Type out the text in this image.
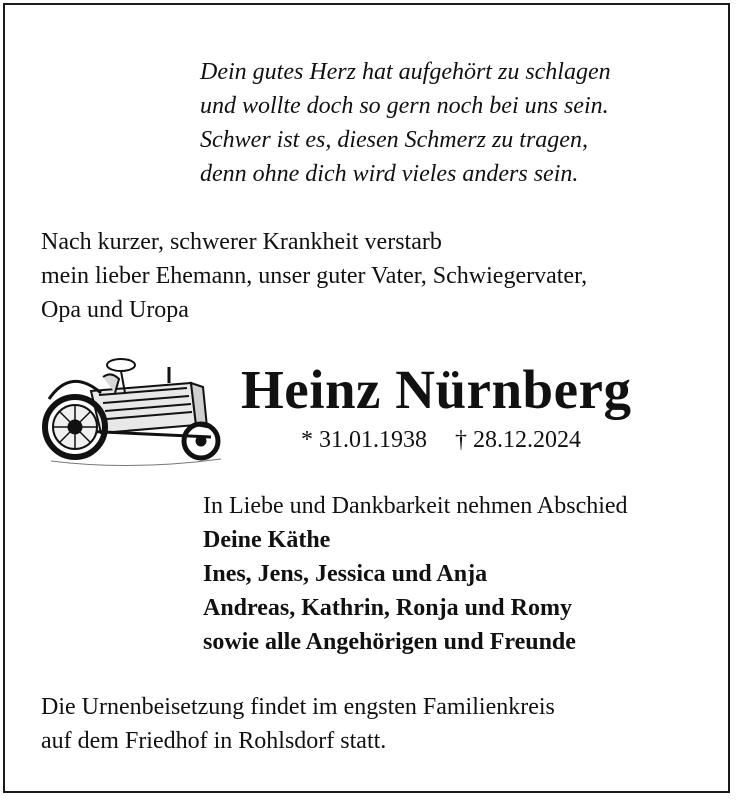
Dein gutes Herz hat aufgehört zu schlagen
und wollte doch so gern noch bei uns sein.
Schwer ist es, diesen Schmerz zu tragen,
denn ohne dich wird vieles anders sein.
Nach kurzer, schwerer Krankheit verstarb
mein lieber Ehemann, unser guter Vater, Schwiegervater,
Opa und Uropa
Heinz Nürnberg
* 31.01.1938 † 28.12.2024
In Liebe und Dankbarkeit nehmen Abschied
Deine Käthe
Ines, Jens, Jessica und Anja
Andreas, Kathrin, Ronja und Romy
sowie alle Angehörigen und Freunde
Die Urnenbeisetzung findet im engsten Familienkreis
auf dem Friedhof in Rohlsdorf statt.
